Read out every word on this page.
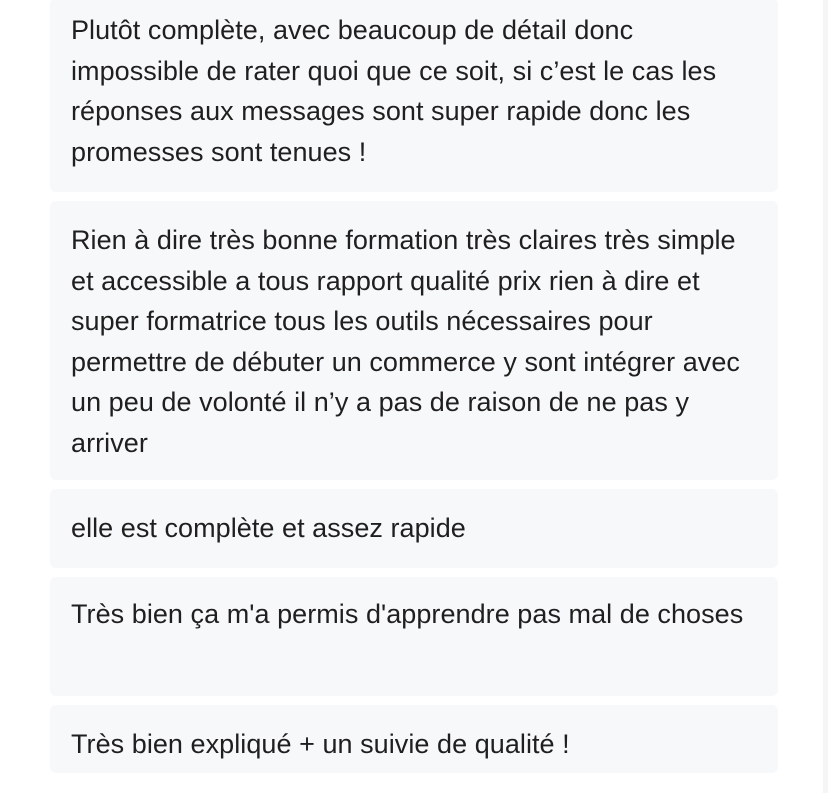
Plutôt complète, avec beaucoup de détail donc impossible de rater quoi que ce soit, si c’est le cas les réponses aux messages sont super rapide donc les promesses sont tenues !

Rien à dire très bonne formation très claires très simple et accessible a tous rapport qualité prix rien à dire et super formatrice tous les outils nécessaires pour permettre de débuter un commerce y sont intégrer avec un peu de volonté il n’y a pas de raison de ne pas y arriver

elle est complète et assez rapide

Très bien ça m'a permis d'apprendre pas mal de choses

Très bien expliqué + un suivie de qualité !
